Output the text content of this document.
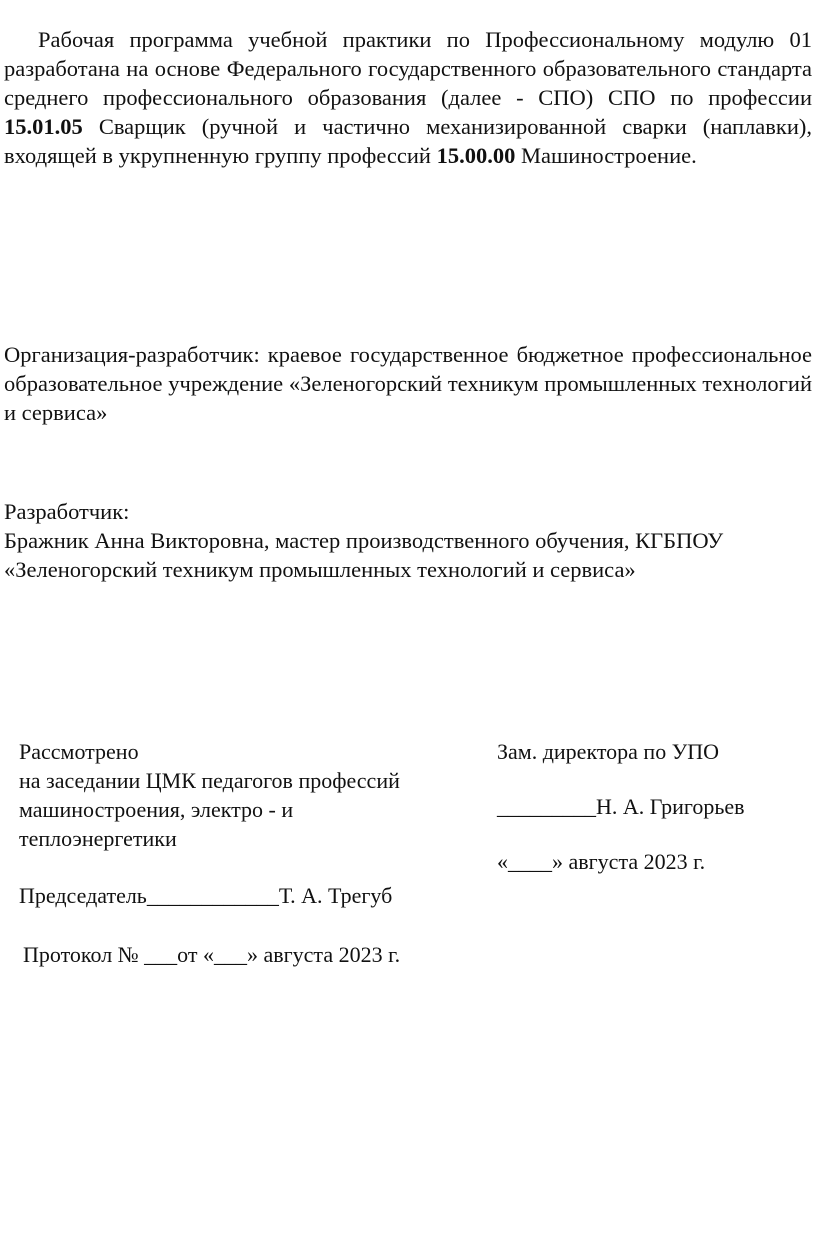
Рабочая программа учебной практики по Профессиональному модулю 01 разработана на основе Федерального государственного образовательного стандарта среднего профессионального образования (далее - СПО) СПО по профессии 15.01.05 Сварщик (ручной и частично механизированной сварки (наплавки), входящей в укрупненную группу профессий 15.00.00 Машиностроение.

Организация-разработчик: краевое государственное бюджетное профессиональное образовательное учреждение «Зеленогорский техникум промышленных технологий и сервиса»

Разработчик:

Бражник Анна Викторовна, мастер производственного обучения, КГБПОУ

«Зеленогорский техникум промышленных технологий и сервиса»

Рассмотрено
на заседании ЦМК педагогов профессий
машиностроения, электро - и
теплоэнергетики
Председатель____________Т. А. Трегуб
Протокол № ___от «___» августа 2023 г.
Зам. директора по УПО
_________Н. А. Григорьев
«____» августа 2023 г.
